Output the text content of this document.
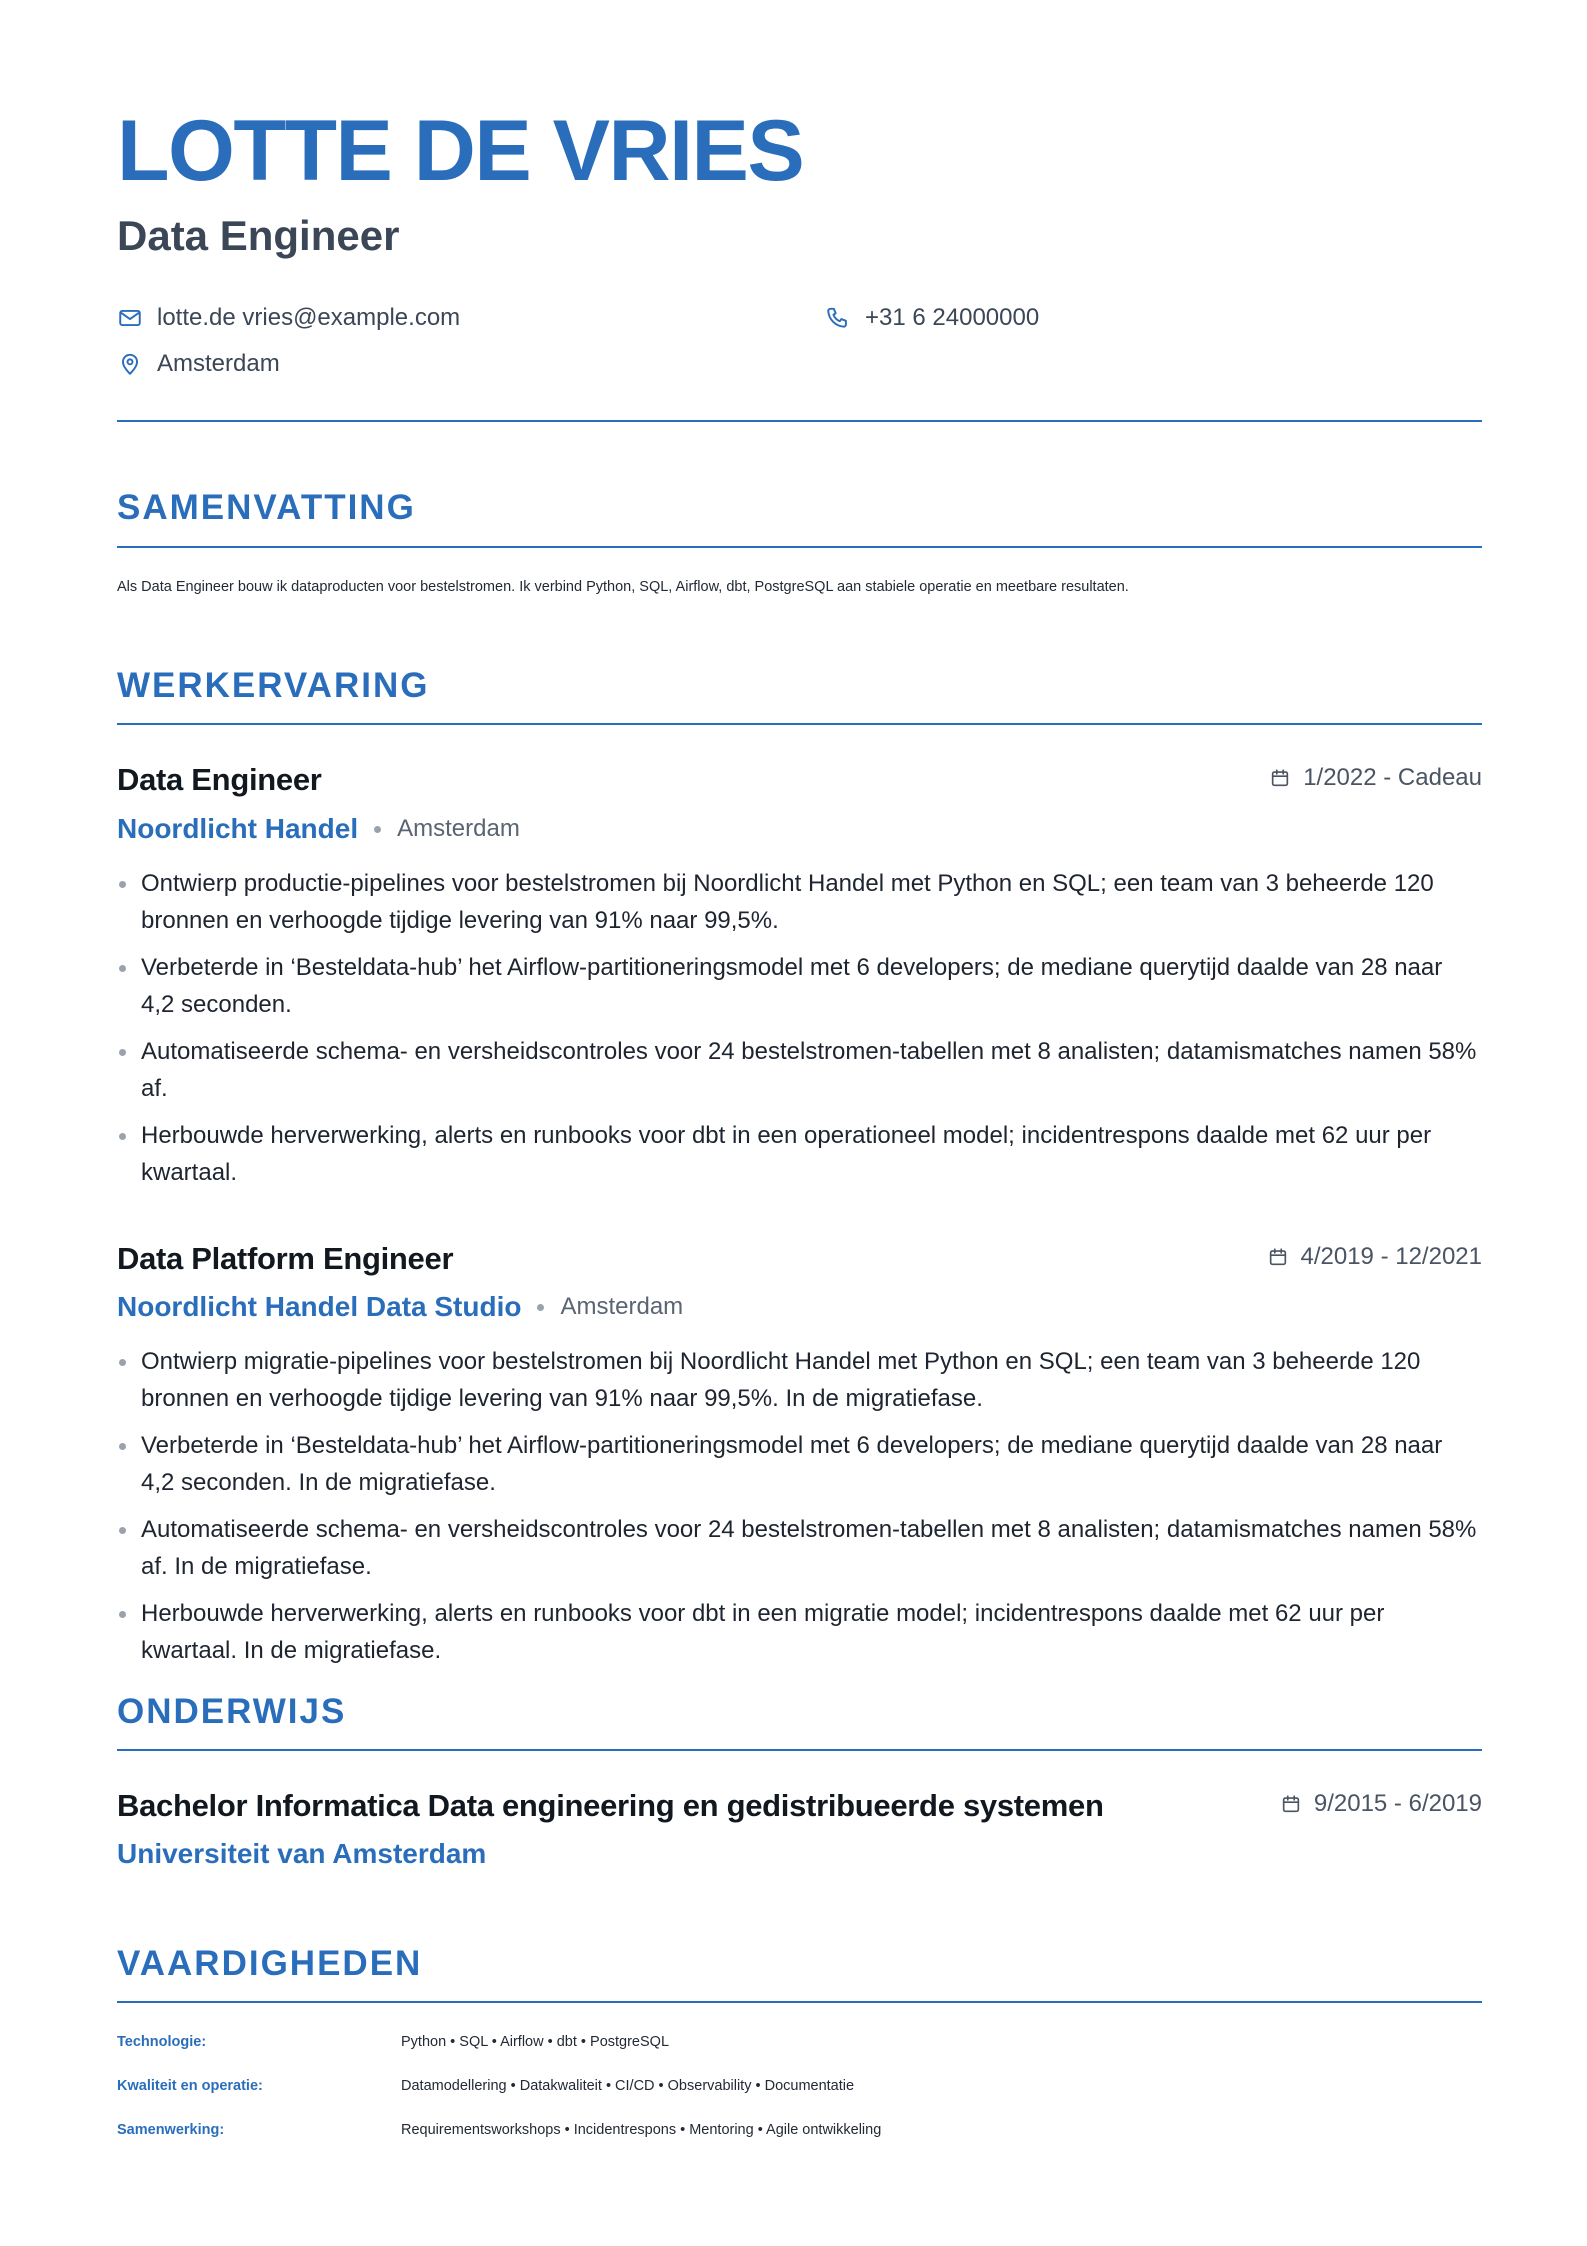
LOTTE DE VRIES
Data Engineer
lotte.de vries@example.com	+31 6 24000000
Amsterdam
SAMENVATTING
Als Data Engineer bouw ik dataproducten voor bestelstromen. Ik verbind Python, SQL, Airflow, dbt, PostgreSQL aan stabiele operatie en meetbare resultaten.
WERKERVARING
Data Engineer	1/2022 - Cadeau
Noordlicht Handel Amsterdam
Ontwierp productie-pipelines voor bestelstromen bij Noordlicht Handel met Python en SQL; een team van 3 beheerde 120 bronnen en verhoogde tijdige levering van 91% naar 99,5%.
Verbeterde in ‘Besteldata-hub’ het Airflow-partitioneringsmodel met 6 developers; de mediane querytijd daalde van 28 naar 4,2 seconden.
Automatiseerde schema- en versheidscontroles voor 24 bestelstromen-tabellen met 8 analisten; datamismatches namen 58% af.
Herbouwde herverwerking, alerts en runbooks voor dbt in een operationeel model; incidentrespons daalde met 62 uur per kwartaal.
Data Platform Engineer	4/2019 - 12/2021
Noordlicht Handel Data Studio Amsterdam
Ontwierp migratie-pipelines voor bestelstromen bij Noordlicht Handel met Python en SQL; een team van 3 beheerde 120 bronnen en verhoogde tijdige levering van 91% naar 99,5%. In de migratiefase.
Verbeterde in ‘Besteldata-hub’ het Airflow-partitioneringsmodel met 6 developers; de mediane querytijd daalde van 28 naar 4,2 seconden. In de migratiefase.
Automatiseerde schema- en versheidscontroles voor 24 bestelstromen-tabellen met 8 analisten; datamismatches namen 58% af. In de migratiefase.
Herbouwde herverwerking, alerts en runbooks voor dbt in een migratie model; incidentrespons daalde met 62 uur per kwartaal. In de migratiefase.
ONDERWIJS
Bachelor Informatica Data engineering en gedistribueerde systemen	9/2015 - 6/2019
Universiteit van Amsterdam
VAARDIGHEDEN
Technologie:	Python • SQL • Airflow • dbt • PostgreSQL
Kwaliteit en operatie:	Datamodellering • Datakwaliteit • CI/CD • Observability • Documentatie
Samenwerking:	Requirementsworkshops • Incidentrespons • Mentoring • Agile ontwikkeling
